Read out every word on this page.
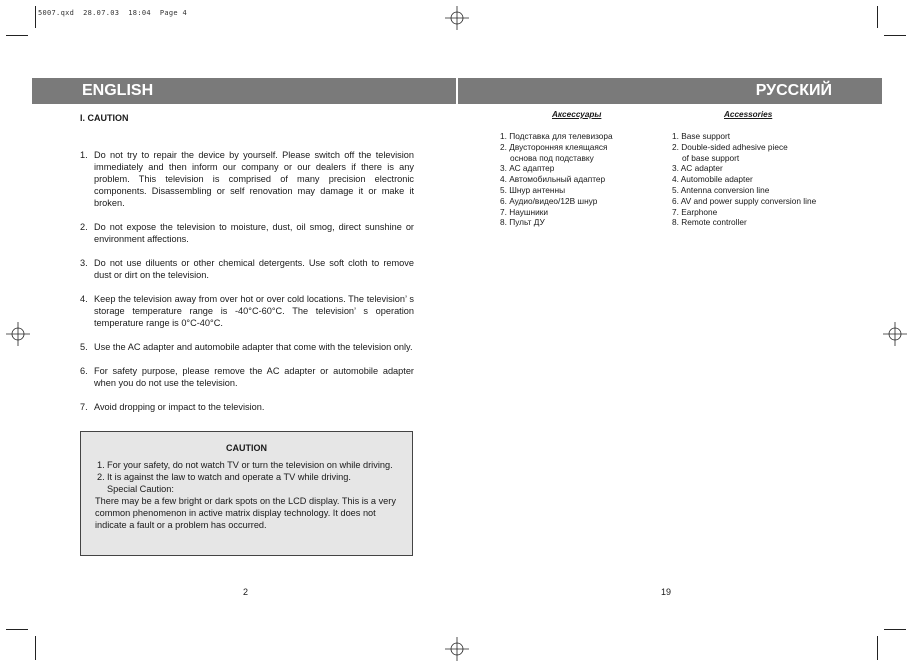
5007.qxd  28.07.03  18:04  Page 4
ENGLISH	РУССКИЙ
I. CAUTION
1. Do not try to repair the device by yourself. Please switch off the television immediately and then inform our company or our dealers if there is any problem. This television is comprised of many precision electronic components. Disassembling or self renovation may damage it or make it broken.
2. Do not expose the television to moisture, dust, oil smog, direct sunshine or environment affections.
3. Do not use diluents or other chemical detergents. Use soft cloth to remove dust or dirt on the television.
4. Keep the television away from over hot or over cold locations. The television’ s storage temperature range is -40°C-60°C. The television’ s operation temperature range is 0°C-40°C.
5. Use the AC adapter and automobile adapter that come with the television only.
6. For safety purpose, please remove the AC adapter or automobile adapter when you do not use the television.
7. Avoid dropping or impact to the television.
CAUTION
1. For your safety, do not watch TV or turn the television on while driving.
2. It is against the law to watch and operate a TV while driving.
Special Caution:
There may be a few bright or dark spots on the LCD display. This is a very common phenomenon in active matrix display technology. It does not indicate a fault or a problem has occurred.
Аксессуары
1. Подставка для телевизора
2. Двусторонняя клеящаяся
основа под подставку
3. АС адаптер
4. Автомобильный адаптер
5. Шнур антенны
6. Аудио/видео/12В шнур
7. Наушники
8. Пульт ДУ
Accessories
1. Base support
2. Double-sided adhesive piece
of base support
3. AC adapter
4. Automobile adapter
5. Antenna conversion line
6. AV and power supply conversion line
7. Earphone
8. Remote controller
2	19
